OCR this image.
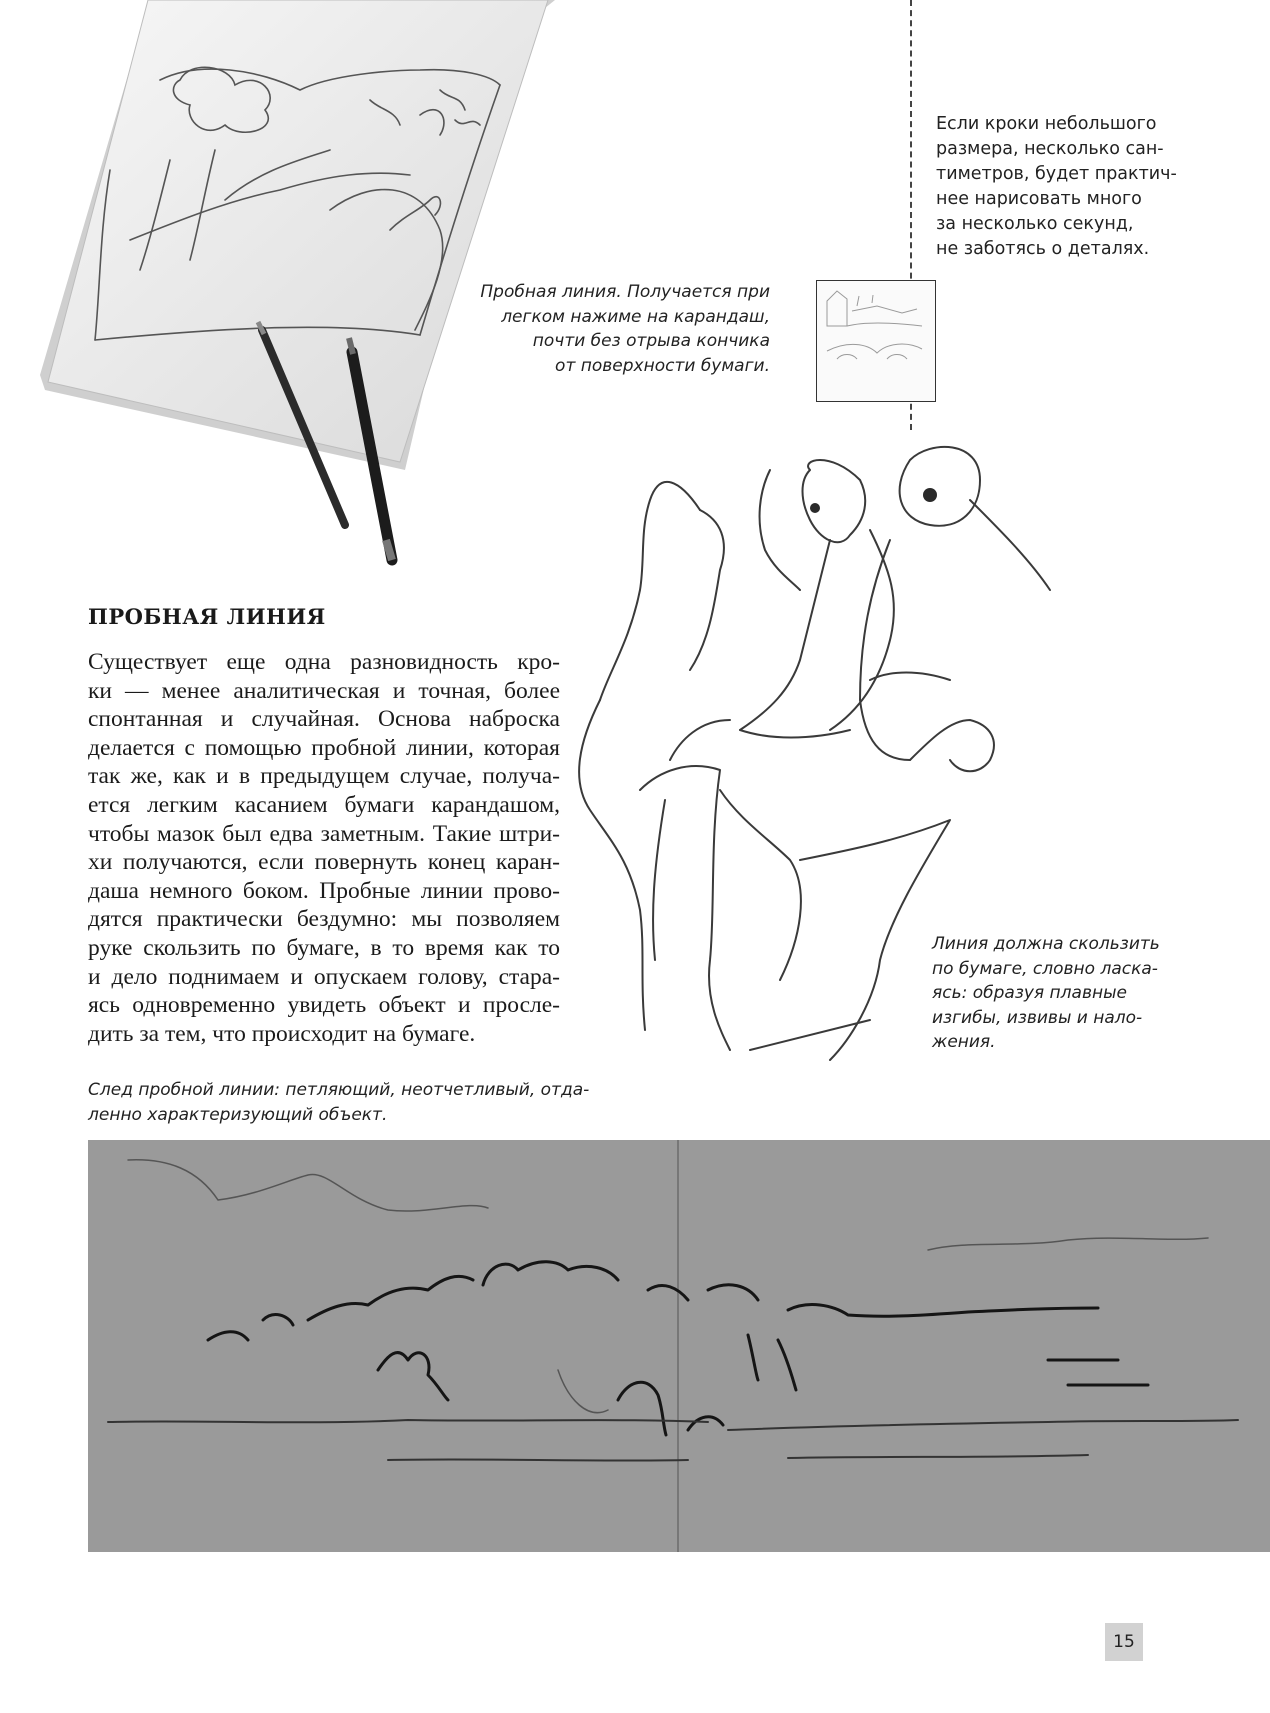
Если кроки небольшого
размера, несколько сан-
тиметров, будет практич-
нее нарисовать много
за несколько секунд,
не заботясь о деталях.
Пробная линия. Получается при
легком нажиме на карандаш,
почти без отрыва кончика
от поверхности бумаги.
ПРОБНАЯ ЛИНИЯ
Существует еще одна разновидность кро-
ки — менее аналитическая и точная, более
спонтанная и случайная. Основа наброска
делается с помощью пробной линии, которая
так же, как и в предыдущем случае, получа-
ется легким касанием бумаги карандашом,
чтобы мазок был едва заметным. Такие штри-
хи получаются, если повернуть конец каран-
даша немного боком. Пробные линии прово-
дятся практически бездумно: мы позволяем
руке скользить по бумаге, в то время как то
и дело поднимаем и опускаем голову, стара-
ясь одновременно увидеть объект и просле-
дить за тем, что происходит на бумаге.
Линия должна скользить
по бумаге, словно ласка-
ясь: образуя плавные
изгибы, извивы и нало-
жения.
След пробной линии: петляющий, неотчетливый, отда-
ленно характеризующий объект.
15
